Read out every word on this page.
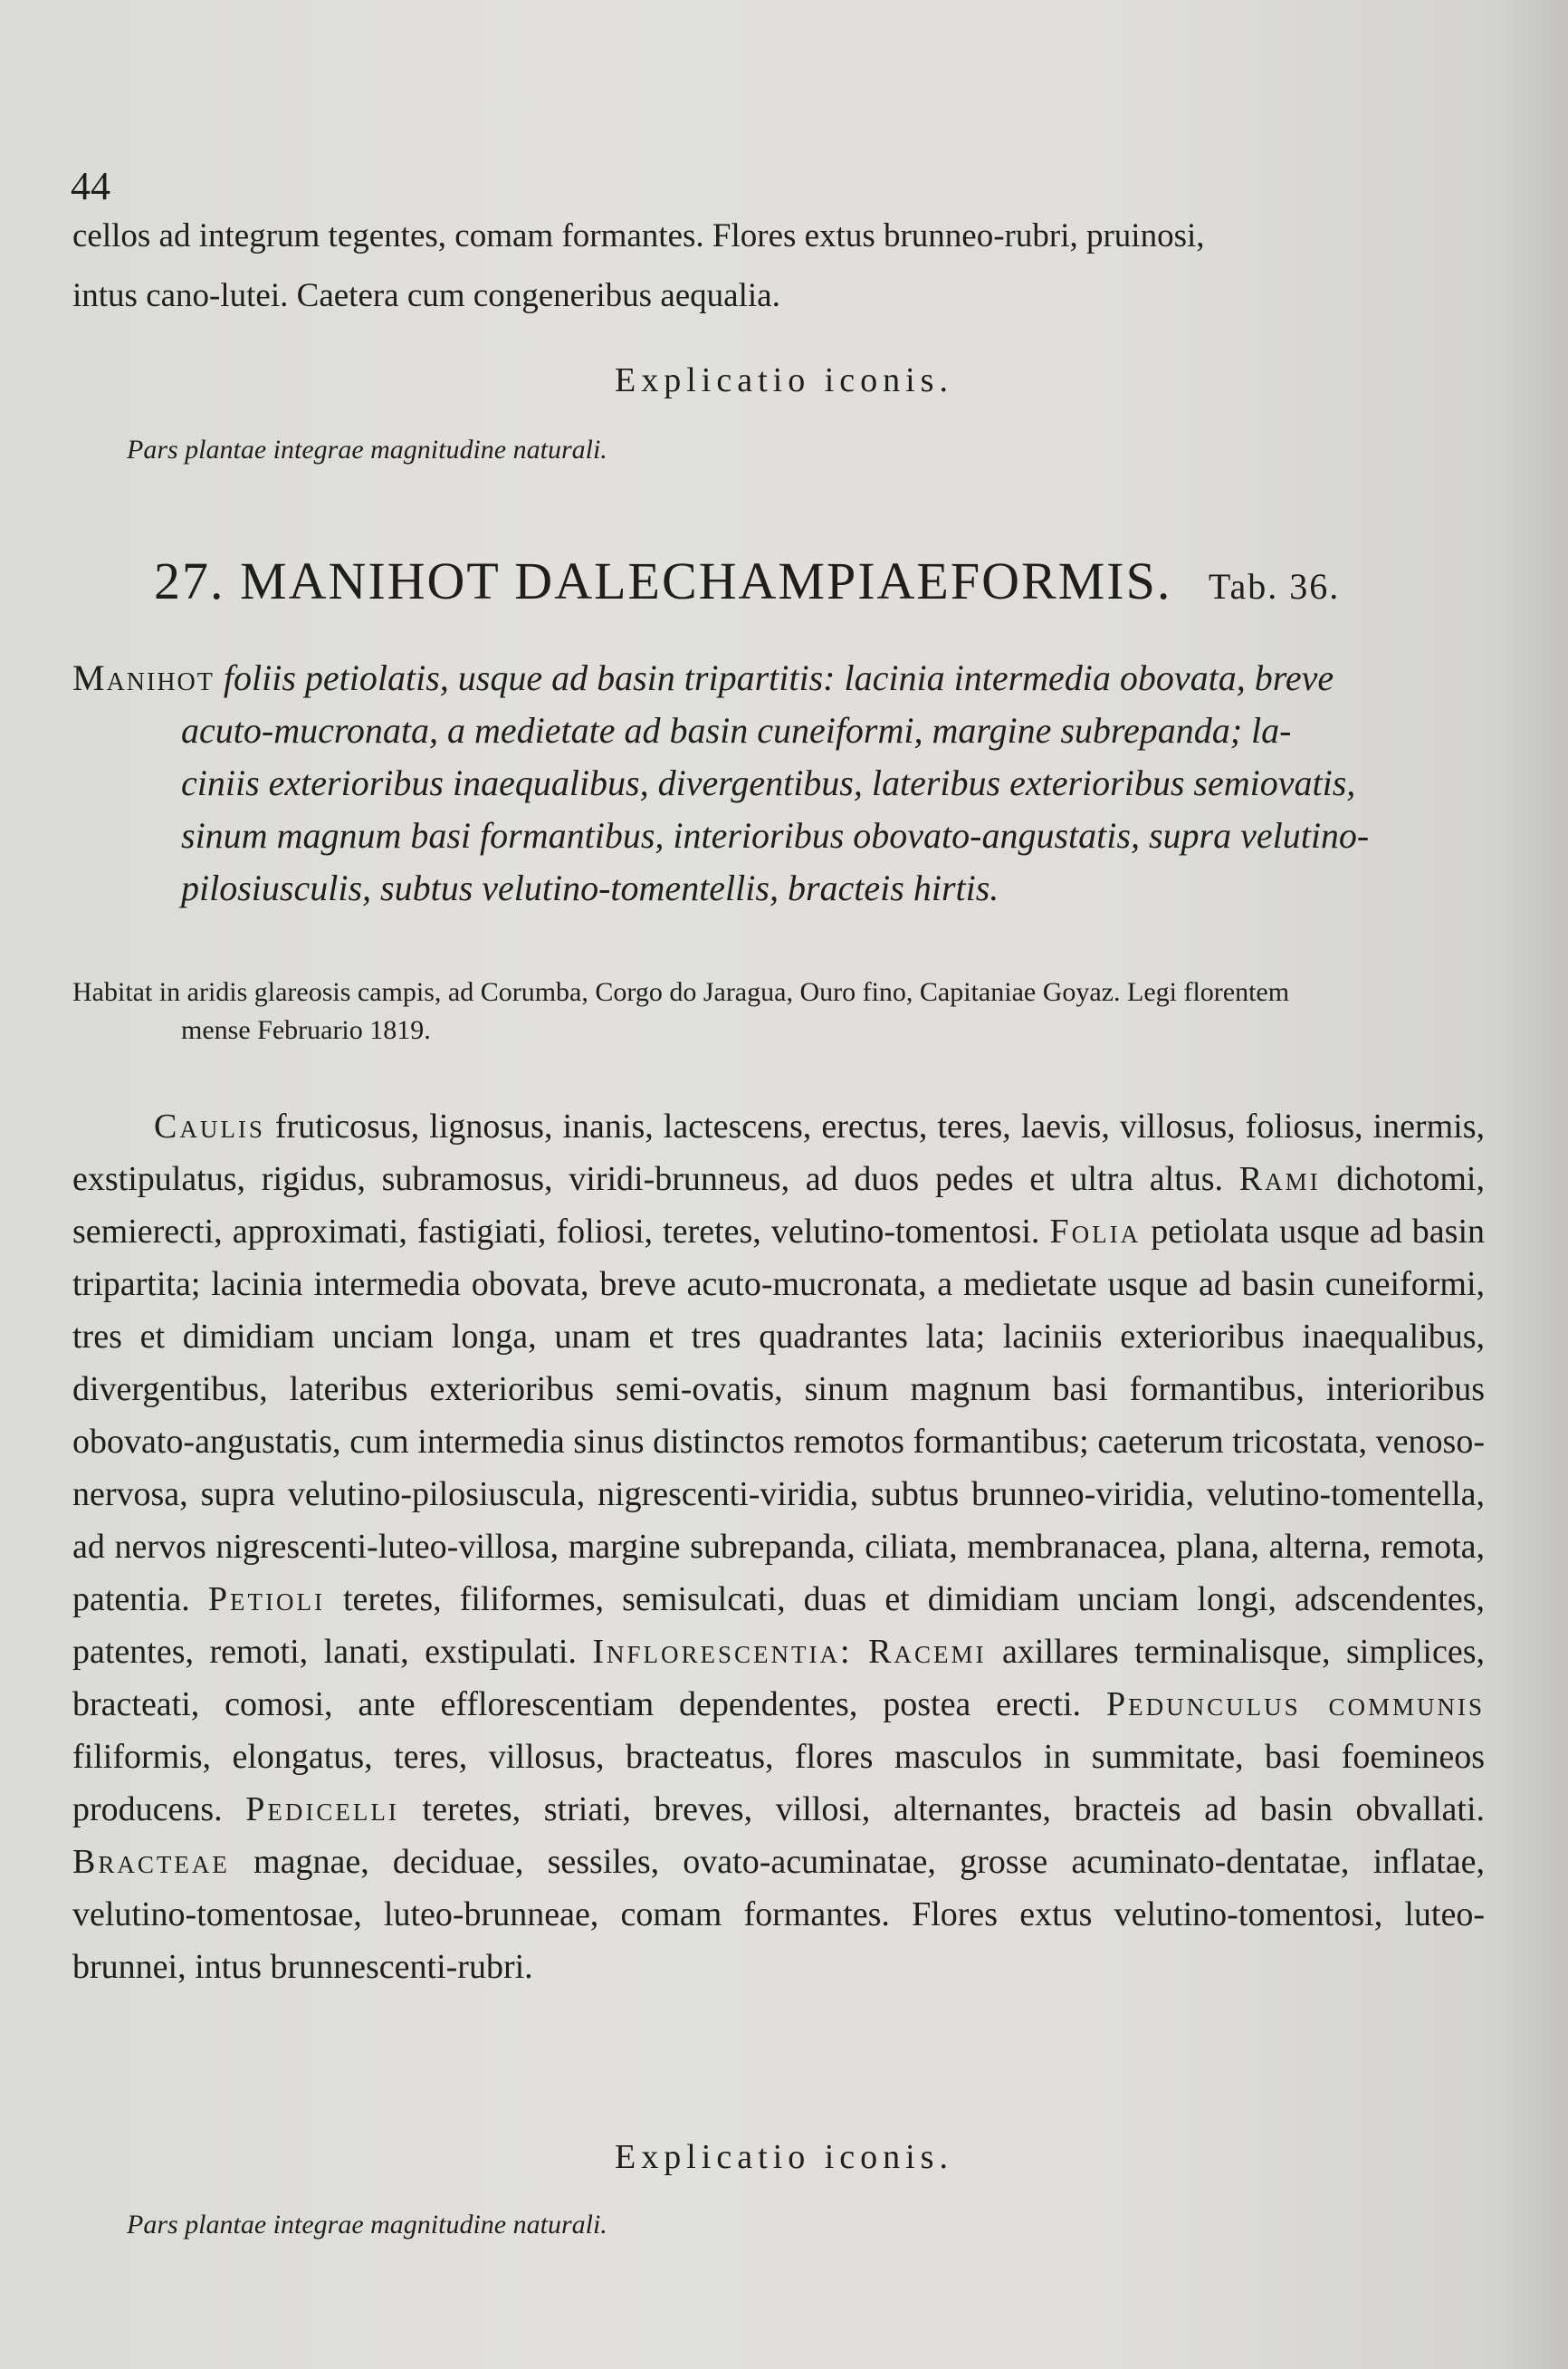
44
cellos ad integrum tegentes, comam formantes. Flores extus brunneo-rubri, pruinosi,
intus cano-lutei. Caetera cum congeneribus aequalia.
Explicatio iconis.
Pars plantae integrae magnitudine naturali.
27. MANIHOT DALECHAMPIAEFORMIS. Tab. 36.
Manihot foliis petiolatis, usque ad basin tripartitis: lacinia intermedia obovata, breve
acuto-mucronata, a medietate ad basin cuneiformi, margine subrepanda; la-
ciniis exterioribus inaequalibus, divergentibus, lateribus exterioribus semiovatis,
sinum magnum basi formantibus, interioribus obovato-angustatis, supra velutino-
pilosiusculis, subtus velutino-tomentellis, bracteis hirtis.
Habitat in aridis glareosis campis, ad Corumba, Corgo do Jaragua, Ouro fino, Capitaniae Goyaz. Legi florentem
mense Februario 1819.
Caulis fruticosus, lignosus, inanis, lactescens, erectus, teres, laevis, villosus, foliosus, inermis, exstipulatus, rigidus, subramosus, viridi-brunneus, ad duos pedes et ultra altus. Rami dichotomi, semierecti, approximati, fastigiati, foliosi, teretes, velutino-tomentosi. Folia petiolata usque ad basin tripartita; lacinia intermedia obovata, breve acuto-mucronata, a medietate usque ad basin cuneiformi, tres et dimidiam unciam longa, unam et tres quadrantes lata; laciniis exterioribus inaequalibus, divergentibus, lateribus exterioribus semi-ovatis, sinum magnum basi formantibus, interioribus obovato-angustatis, cum intermedia sinus distinctos remotos formantibus; caeterum tricostata, venoso-nervosa, supra velutino-pilosiuscula, nigrescenti-viridia, subtus brunneo-viridia, velutino-tomentella, ad nervos nigrescenti-luteo-villosa, margine subrepanda, ciliata, membranacea, plana, alterna, remota, patentia. Petioli teretes, filiformes, semisulcati, duas et dimidiam unciam longi, adscendentes, patentes, remoti, lanati, exstipulati. Inflorescentia: Racemi axillares terminalisque, simplices, bracteati, comosi, ante efflorescentiam dependentes, postea erecti. Pedunculus communis filiformis, elongatus, teres, villosus, bracteatus, flores masculos in summitate, basi foemineos producens. Pedicelli teretes, striati, breves, villosi, alternantes, bracteis ad basin obvallati. Bracteae magnae, deciduae, sessiles, ovato-acuminatae, grosse acuminato-dentatae, inflatae, velutino-tomentosae, luteo-brunneae, comam formantes. Flores extus velutino-tomentosi, luteo-brunnei, intus brunnescenti-rubri.
Explicatio iconis.
Pars plantae integrae magnitudine naturali.
